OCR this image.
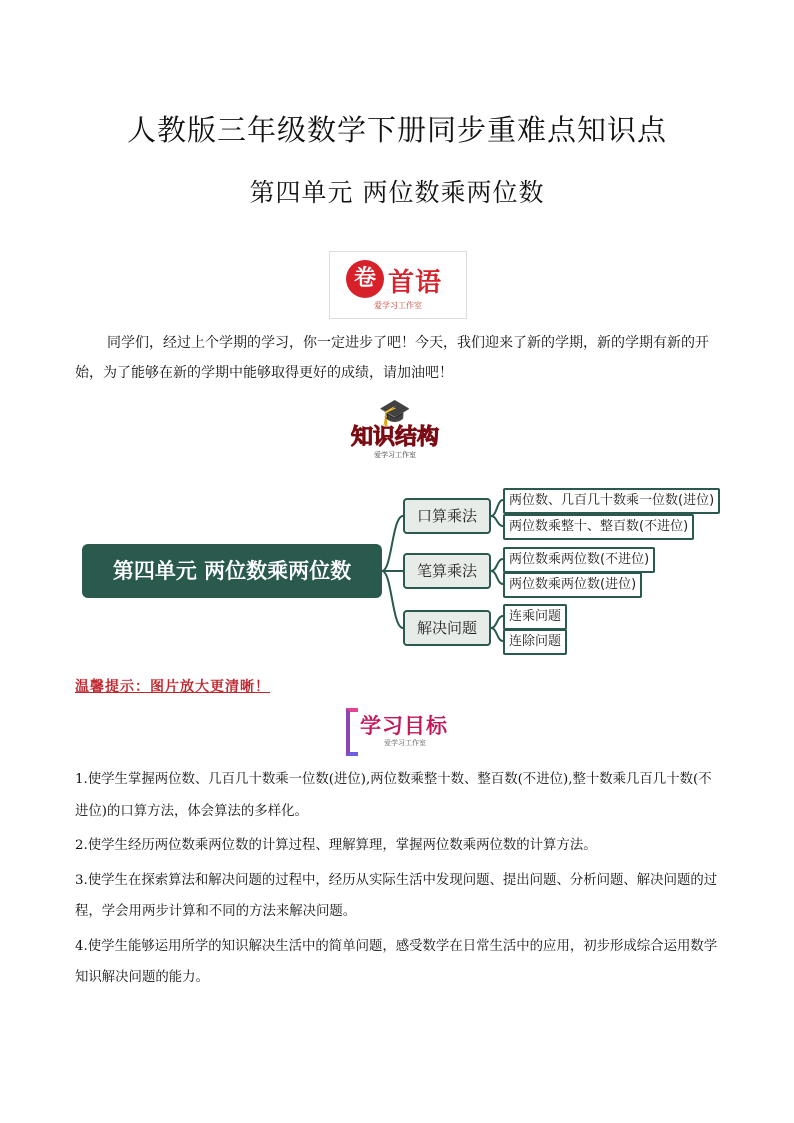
人教版三年级数学下册同步重难点知识点
第四单元 两位数乘两位数
卷 首语
爱学习工作室
同学们，经过上个学期的学习，你一定进步了吧！今天，我们迎来了新的学期，新的学期有新的开始，为了能够在新的学期中能够取得更好的成绩，请加油吧！
🎓
知识结构
爱学习工作室
第四单元 两位数乘两位数
口算乘法
笔算乘法
解决问题
两位数、几百几十数乘一位数(进位)
两位数乘整十、整百数(不进位)
两位数乘两位数(不进位)
两位数乘两位数(进位)
连乘问题
连除问题
温馨提示：图片放大更清晰！
学习目标
爱学习工作室

1.使学生掌握两位数、几百几十数乘一位数(进位),两位数乘整十数、整百数(不进位),整十数乘几百几十数(不进位)的口算方法，体会算法的多样化。

2.使学生经历两位数乘两位数的计算过程、理解算理，掌握两位数乘两位数的计算方法。

3.使学生在探索算法和解决问题的过程中，经历从实际生活中发现问题、提出问题、分析问题、解决问题的过程，学会用两步计算和不同的方法来解决问题。

4.使学生能够运用所学的知识解决生活中的简单问题，感受数学在日常生活中的应用，初步形成综合运用数学知识解决问题的能力。
